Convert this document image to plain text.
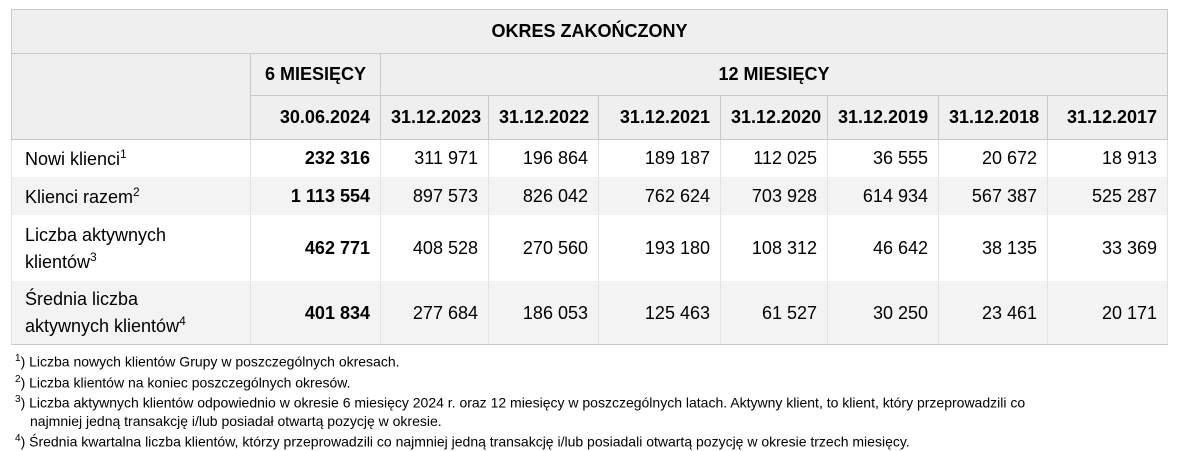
OKRES ZAKOŃCZONY								
	6 MIESIĘCY	12 MIESIĘCY						
	30.06.2024	31.12.2023	31.12.2022	31.12.2021	31.12.2020	31.12.2019	31.12.2018	31.12.2017
Nowi klienci$^1$	232 316	311 971	196 864	189 187	112 025	36 555	20 672	18 913
Klienci razem$^2$	1 113 554	897 573	826 042	762 624	703 928	614 934	567 387	525 287
Liczba aktywnych
klientów$^3$	462 771	408 528	270 560	193 180	108 312	46 642	38 135	33 369
Średnia liczba
aktywnych klientów$^4$	401 834	277 684	186 053	125 463	61 527	30 250	23 461	20 171

$^1$) Liczba nowych klientów Grupy w poszczególnych okresach.

$^2$) Liczba klientów na koniec poszczególnych okresów.

$^3$) Liczba aktywnych klientów odpowiednio w okresie 6 miesięcy 2024 r. oraz 12 miesięcy w poszczególnych latach. Aktywny klient, to klient, który przeprowadzili co

najmniej jedną transakcję i/lub posiadał otwartą pozycję w okresie.

$^4$) Średnia kwartalna liczba klientów, którzy przeprowadzili co najmniej jedną transakcję i/lub posiadali otwartą pozycję w okresie trzech miesięcy.
